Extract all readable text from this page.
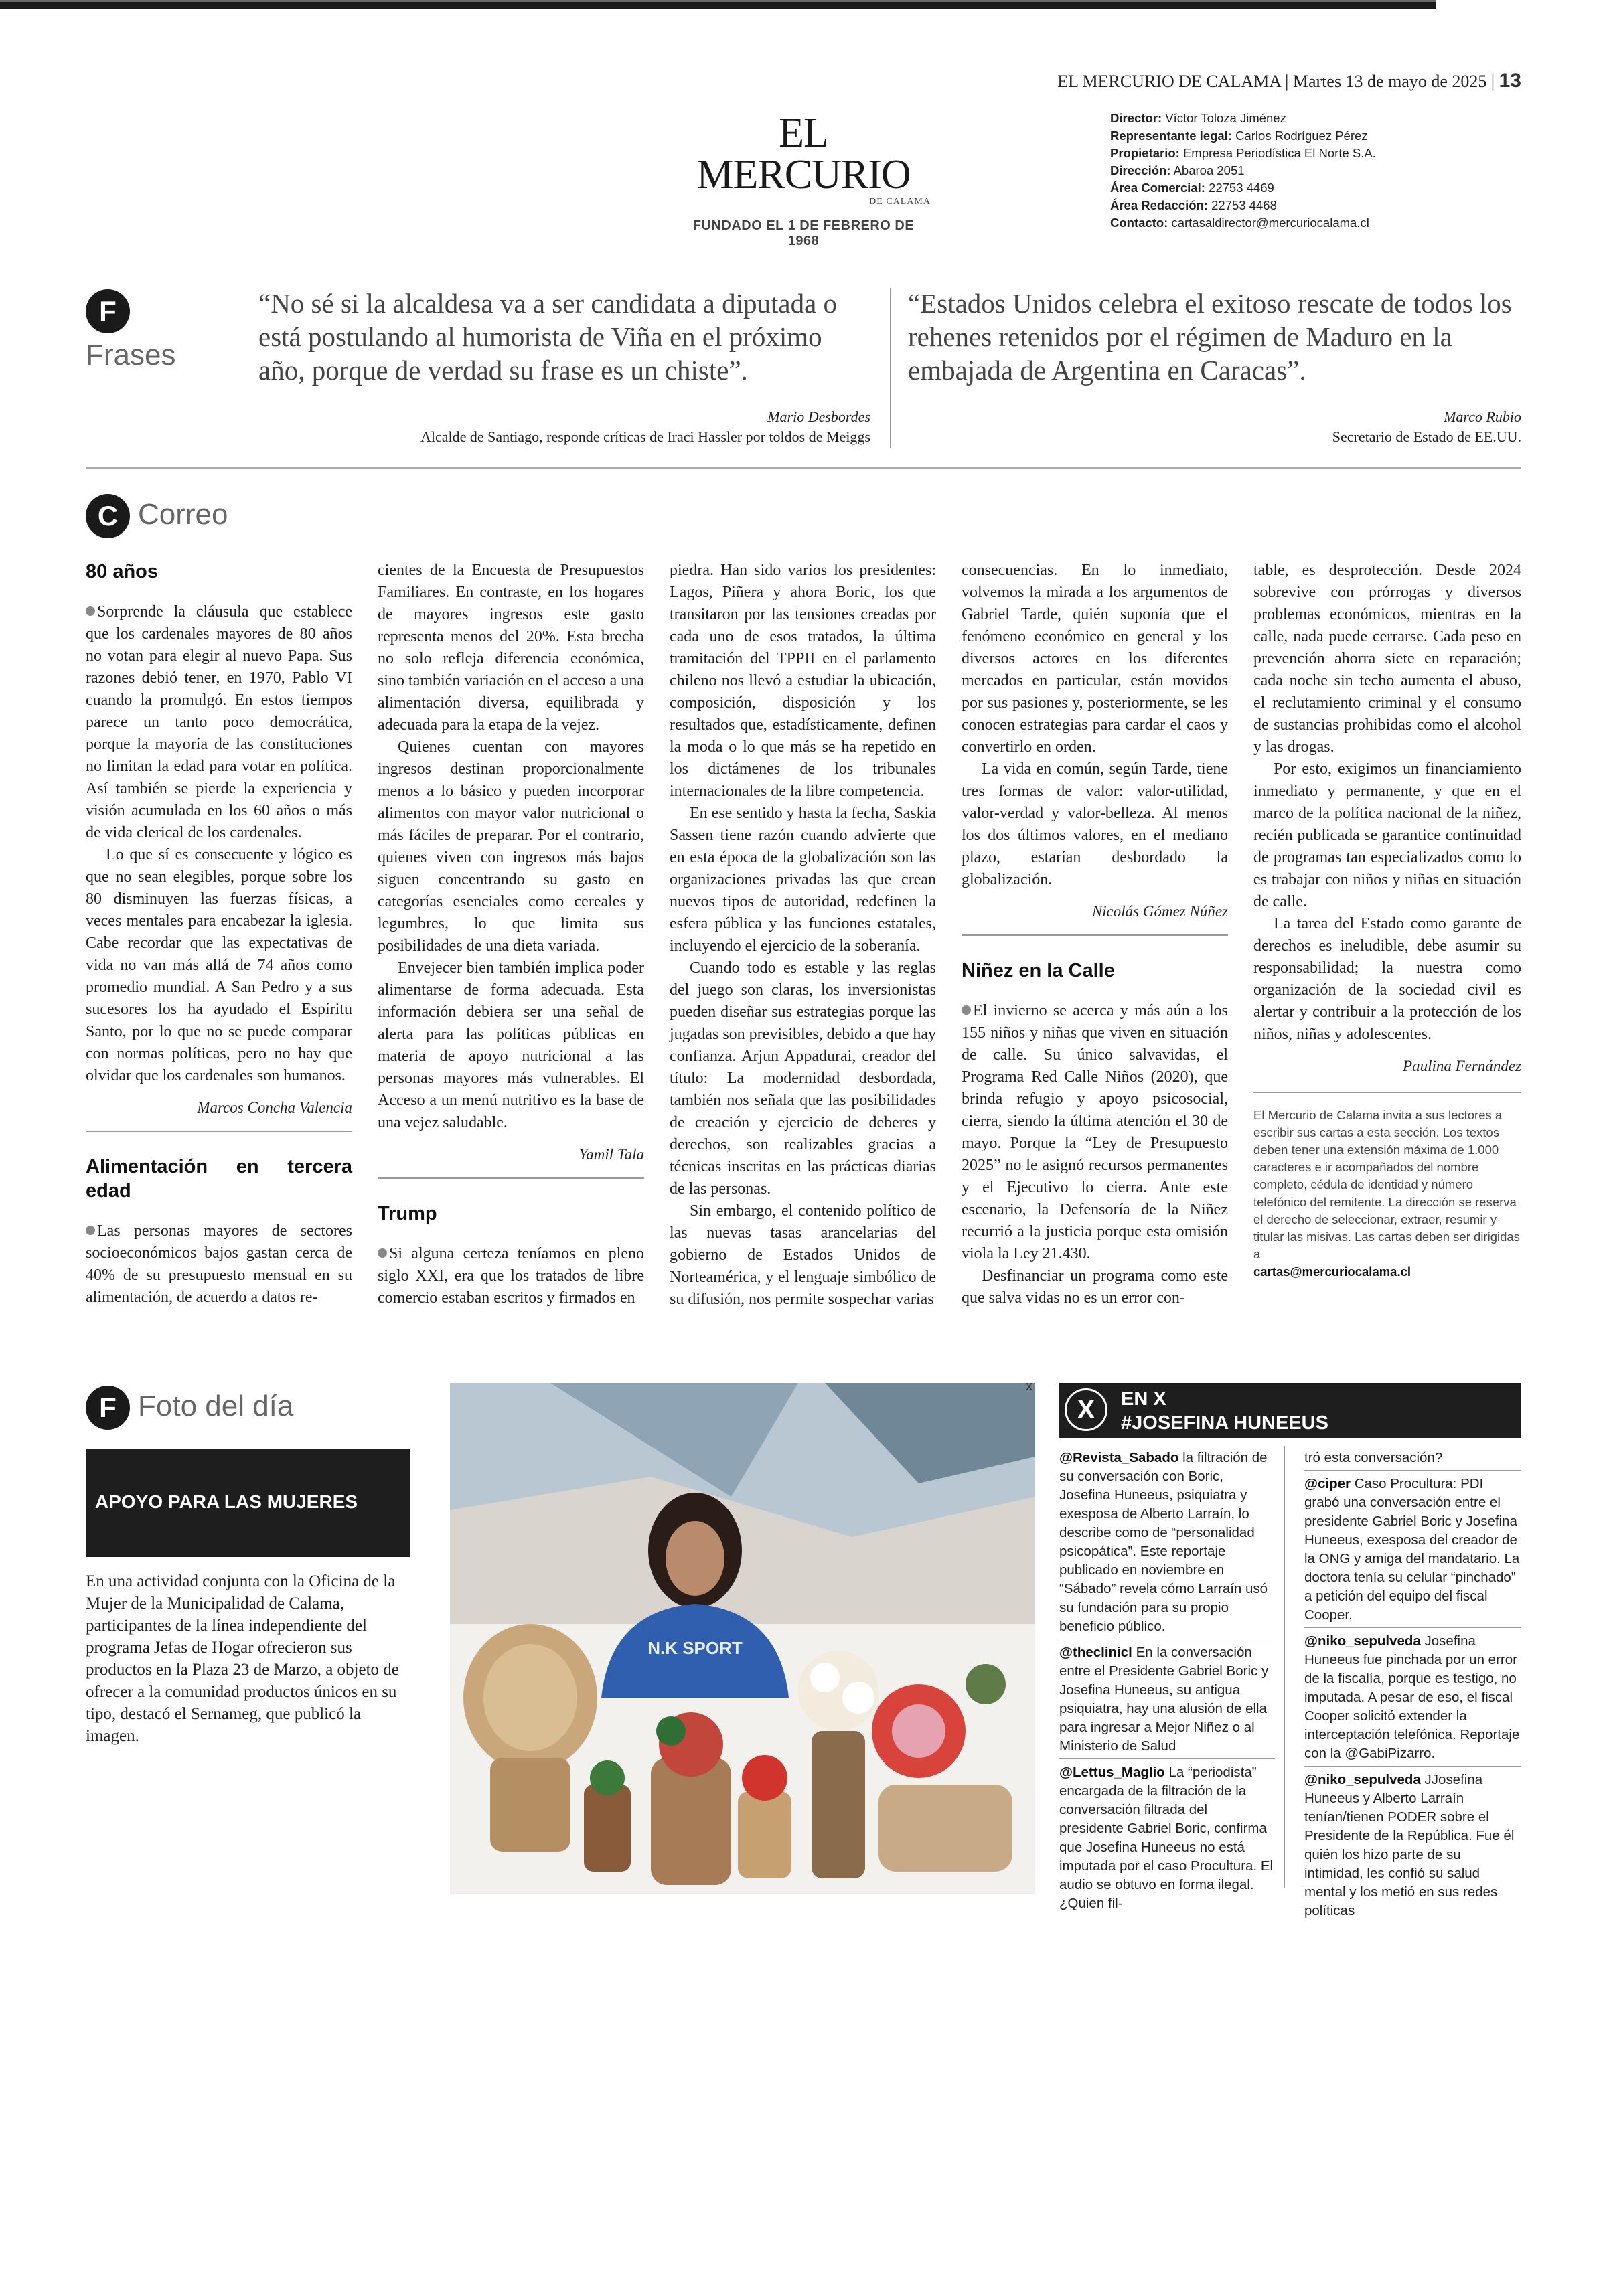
EL MERCURIO DE CALAMA | Martes 13 de mayo de 2025 | 13
EL MERCURIO
DE CALAMA
FUNDADO EL 1 DE FEBRERO DE 1968
Director: Víctor Toloza Jiménez
Representante legal: Carlos Rodríguez Pérez
Propietario: Empresa Periodística El Norte S.A.
Dirección: Abaroa 2051
Área Comercial: 22753 4469
Área Redacción: 22753 4468
Contacto: cartasaldirector@mercuriocalama.cl
F
Frases
“No sé si la alcaldesa va a ser candidata a diputada o está postulando al humorista de Viña en el próximo año, porque de verdad su frase es un chiste”.
Mario Desbordes
Alcalde de Santiago, responde críticas de Iraci Hassler por toldos de Meiggs
“Estados Unidos celebra el exitoso rescate de todos los rehenes retenidos por el régimen de Maduro en la embajada de Argentina en Caracas”.
Marco Rubio
Secretario de Estado de EE.UU.
C Correo
80 años

Sorprende la cláusula que establece que los cardenales mayores de 80 años no votan para elegir al nuevo Papa. Sus razones debió tener, en 1970, Pablo VI cuando la promulgó. En estos tiempos parece un tanto poco democrática, porque la mayoría de las constituciones no limitan la edad para votar en política. Así también se pierde la experiencia y visión acumulada en los 60 años o más de vida clerical de los cardenales.

Lo que sí es consecuente y lógico es que no sean elegibles, porque sobre los 80 disminuyen las fuerzas físicas, a veces mentales para encabezar la iglesia. Cabe recordar que las expectativas de vida no van más allá de 74 años como promedio mundial. A San Pedro y a sus sucesores los ha ayudado el Espíritu Santo, por lo que no se puede comparar con normas políticas, pero no hay que olvidar que los cardenales son humanos.

Marcos Concha Valencia
Alimentación en tercera edad

Las personas mayores de sectores socioeconómicos bajos gastan cerca de 40% de su presupuesto mensual en su alimentación, de acuerdo a datos re-

cientes de la Encuesta de Presupuestos Familiares. En contraste, en los hogares de mayores ingresos este gasto representa menos del 20%. Esta brecha no solo refleja diferencia económica, sino también variación en el acceso a una alimentación diversa, equilibrada y adecuada para la etapa de la vejez.

Quienes cuentan con mayores ingresos destinan proporcionalmente menos a lo básico y pueden incorporar alimentos con mayor valor nutricional o más fáciles de preparar. Por el contrario, quienes viven con ingresos más bajos siguen concentrando su gasto en categorías esenciales como cereales y legumbres, lo que limita sus posibilidades de una dieta variada.

Envejecer bien también implica poder alimentarse de forma adecuada. Esta información debiera ser una señal de alerta para las políticas públicas en materia de apoyo nutricional a las personas mayores más vulnerables. El Acceso a un menú nutritivo es la base de una vejez saludable.

Yamil Tala
Trump

Si alguna certeza teníamos en pleno siglo XXI, era que los tratados de libre comercio estaban escritos y firmados en

piedra. Han sido varios los presidentes: Lagos, Piñera y ahora Boric, los que transitaron por las tensiones creadas por cada uno de esos tratados, la última tramitación del TPPII en el parlamento chileno nos llevó a estudiar la ubicación, composición, disposición y los resultados que, estadísticamente, definen la moda o lo que más se ha repetido en los dictámenes de los tribunales internacionales de la libre competencia.

En ese sentido y hasta la fecha, Saskia Sassen tiene razón cuando advierte que en esta época de la globalización son las organizaciones privadas las que crean nuevos tipos de autoridad, redefinen la esfera pública y las funciones estatales, incluyendo el ejercicio de la soberanía.

Cuando todo es estable y las reglas del juego son claras, los inversionistas pueden diseñar sus estrategias porque las jugadas son previsibles, debido a que hay confianza. Arjun Appadurai, creador del título: La modernidad desbordada, también nos señala que las posibilidades de creación y ejercicio de deberes y derechos, son realizables gracias a técnicas inscritas en las prácticas diarias de las personas.

Sin embargo, el contenido político de las nuevas tasas arancelarias del gobierno de Estados Unidos de Norteamérica, y el lenguaje simbólico de su difusión, nos permite sospechar varias

consecuencias. En lo inmediato, volvemos la mirada a los argumentos de Gabriel Tarde, quién suponía que el fenómeno económico en general y los diversos actores en los diferentes mercados en particular, están movidos por sus pasiones y, posteriormente, se les conocen estrategias para cardar el caos y convertirlo en orden.

La vida en común, según Tarde, tiene tres formas de valor: valor-utilidad, valor-verdad y valor-belleza. Al menos los dos últimos valores, en el mediano plazo, estarían desbordado la globalización.

Nicolás Gómez Núñez
Niñez en la Calle

El invierno se acerca y más aún a los 155 niños y niñas que viven en situación de calle. Su único salvavidas, el Programa Red Calle Niños (2020), que brinda refugio y apoyo psicosocial, cierra, siendo la última atención el 30 de mayo. Porque la “Ley de Presupuesto 2025” no le asignó recursos permanentes y el Ejecutivo lo cierra. Ante este escenario, la Defensoría de la Niñez recurrió a la justicia porque esta omisión viola la Ley 21.430.

Desfinanciar un programa como este que salva vidas no es un error con-

table, es desprotección. Desde 2024 sobrevive con prórrogas y diversos problemas económicos, mientras en la calle, nada puede cerrarse. Cada peso en prevención ahorra siete en reparación; cada noche sin techo aumenta el abuso, el reclutamiento criminal y el consumo de sustancias prohibidas como el alcohol y las drogas.

Por esto, exigimos un financiamiento inmediato y permanente, y que en el marco de la política nacional de la niñez, recién publicada se garantice continuidad de programas tan especializados como lo es trabajar con niños y niñas en situación de calle.

La tarea del Estado como garante de derechos es ineludible, debe asumir su responsabilidad; la nuestra como organización de la sociedad civil es alertar y contribuir a la protección de los niños, niñas y adolescentes.

Paulina Fernández
El Mercurio de Calama invita a sus lectores a escribir sus cartas a esta sección. Los textos deben tener una extensión máxima de 1.000 caracteres e ir acompañados del nombre completo, cédula de identidad y número telefónico del remitente. La dirección se reserva el derecho de seleccionar, extraer, resumir y titular las misivas. Las cartas deben ser dirigidas a
cartas@mercuriocalama.cl
F Foto del día
APOYO PARA LAS MUJERES
En una actividad conjunta con la Oficina de la Mujer de la Municipalidad de Calama, participantes de la línea independiente del programa Jefas de Hogar ofrecieron sus productos en la Plaza 23 de Marzo, a objeto de ofrecer a la comunidad productos únicos en su tipo, destacó el Sernameg, que publicó la imagen.
N.K SPORT
x
EN X
#JOSEFINA HUNEEUS
X
@Revista_Sabado la filtración de su conversación con Boric, Josefina Huneeus, psiquiatra y exesposa de Alberto Larraín, lo describe como de “personalidad psicopática”. Este reportaje publicado en noviembre en “Sábado” revela cómo Larraín usó su fundación para su propio beneficio público.
@theclinicl En la conversación entre el Presidente Gabriel Boric y Josefina Huneeus, su antigua psiquiatra, hay una alusión de ella para ingresar a Mejor Niñez o al Ministerio de Salud
@Lettus_Maglio La “periodista” encargada de la filtración de la conversación filtrada del presidente Gabriel Boric, confirma que Josefina Huneeus no está imputada por el caso Procultura. El audio se obtuvo en forma ilegal. ¿Quien fil-
tró esta conversación?
@ciper Caso Procultura: PDI grabó una conversación entre el presidente Gabriel Boric y Josefina Huneeus, exesposa del creador de la ONG y amiga del mandatario. La doctora tenía su celular “pinchado” a petición del equipo del fiscal Cooper.
@niko_sepulveda Josefina Huneeus fue pinchada por un error de la fiscalía, porque es testigo, no imputada. A pesar de eso, el fiscal Cooper solicitó extender la interceptación telefónica. Reportaje con la @GabiPizarro.
@niko_sepulveda JJosefina Huneeus y Alberto Larraín tenían/tienen PODER sobre el Presidente de la República. Fue él quién los hizo parte de su intimidad, les confió su salud mental y los metió en sus redes políticas
